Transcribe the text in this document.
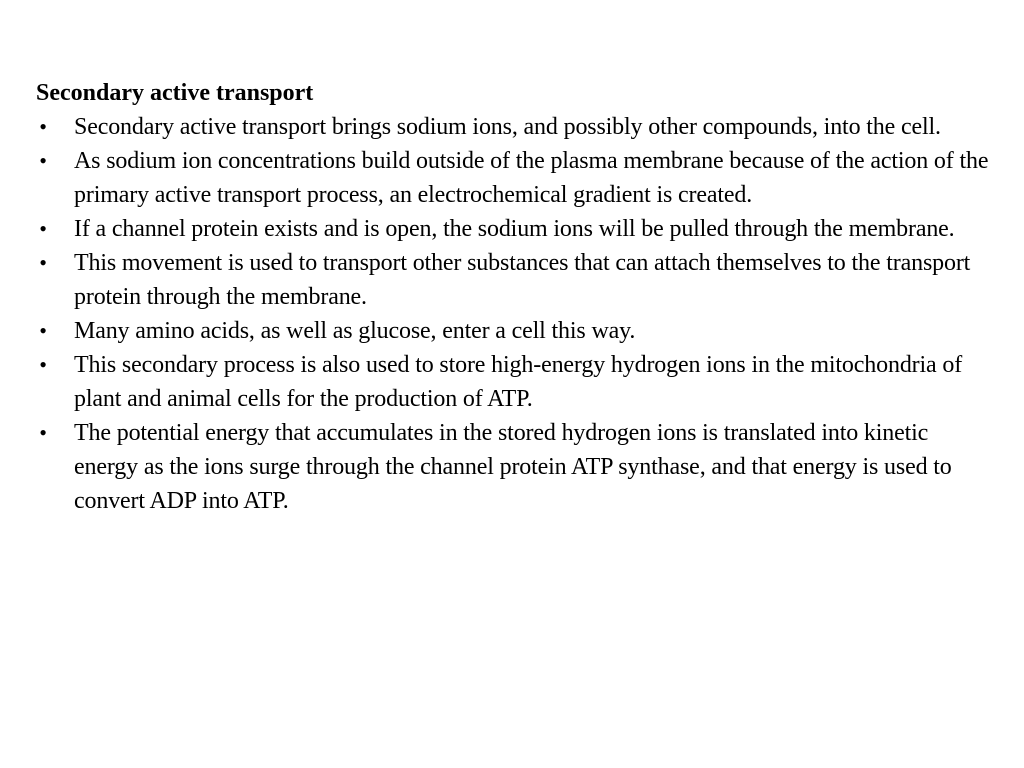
Secondary active transport
• Secondary active transport brings sodium ions, and possibly other compounds, into the cell.
• As sodium ion concentrations build outside of the plasma membrane because of the action of the primary active transport process, an electrochemical gradient is created.
• If a channel protein exists and is open, the sodium ions will be pulled through the membrane.
• This movement is used to transport other substances that can attach themselves to the transport protein through the membrane.
• Many amino acids, as well as glucose, enter a cell this way.
• This secondary process is also used to store high-energy hydrogen ions in the mitochondria of plant and animal cells for the production of ATP.
• The potential energy that accumulates in the stored hydrogen ions is translated into kinetic energy as the ions surge through the channel protein ATP synthase, and that energy is used to convert ADP into ATP.
